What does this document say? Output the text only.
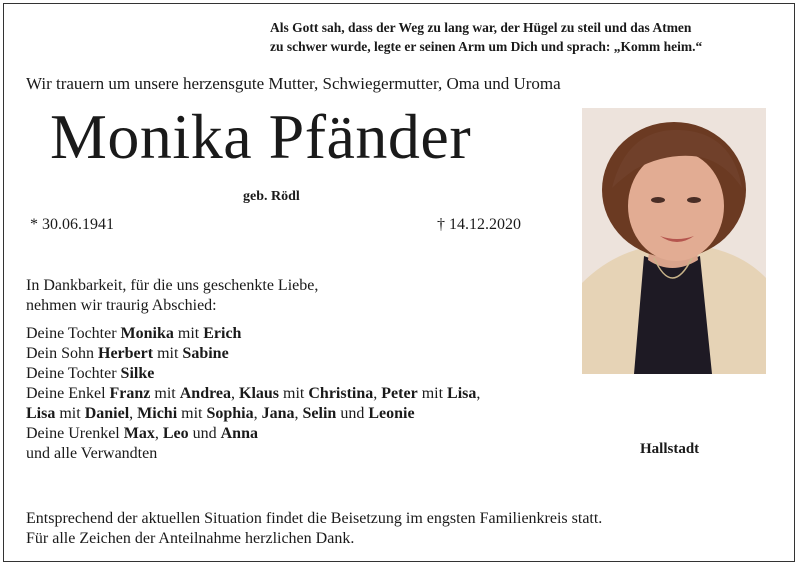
Als Gott sah, dass der Weg zu lang war, der Hügel zu steil und das Atmen
zu schwer wurde, legte er seinen Arm um Dich und sprach: „Komm heim.“
Wir trauern um unsere herzensgute Mutter, Schwiegermutter, Oma und Uroma
Monika Pfänder
geb. Rödl
* 30.06.1941	† 14.12.2020
In Dankbarkeit, für die uns geschenkte Liebe,
nehmen wir traurig Abschied:
Deine Tochter Monika mit Erich
Dein Sohn Herbert mit Sabine
Deine Tochter Silke
Deine Enkel Franz mit Andrea, Klaus mit Christina, Peter mit Lisa,
Lisa mit Daniel, Michi mit Sophia, Jana, Selin und Leonie
Deine Urenkel Max, Leo und Anna
und alle Verwandten	Hallstadt
Entsprechend der aktuellen Situation findet die Beisetzung im engsten Familienkreis statt.
Für alle Zeichen der Anteilnahme herzlichen Dank.
